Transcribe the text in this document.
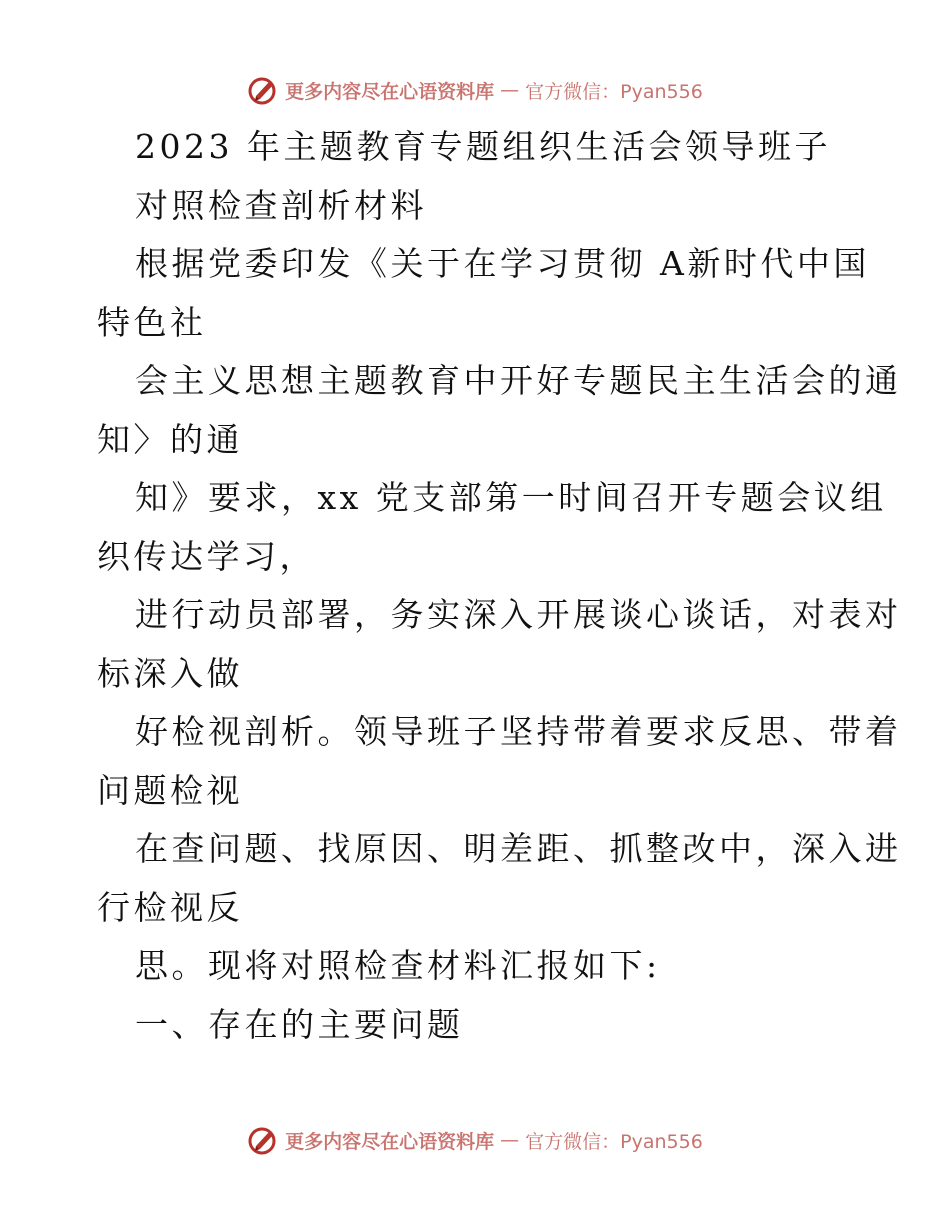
更多内容尽在心语资料库 — 官方微信：Pyan556
2023 年主题教育专题组织生活会领导班子
对照检查剖析材料
根据党委印发《关于在学习贯彻 A新时代中国
特色社
会主义思想主题教育中开好专题民主生活会的通
知〉的通
知》要求，xx 党支部第一时间召开专题会议组
织传达学习，
进行动员部署，务实深入开展谈心谈话，对表对
标深入做
好检视剖析。领导班子坚持带着要求反思、带着
问题检视
在查问题、找原因、明差距、抓整改中，深入进
行检视反
思。现将对照检查材料汇报如下:
一、存在的主要问题
更多内容尽在心语资料库 — 官方微信：Pyan556
